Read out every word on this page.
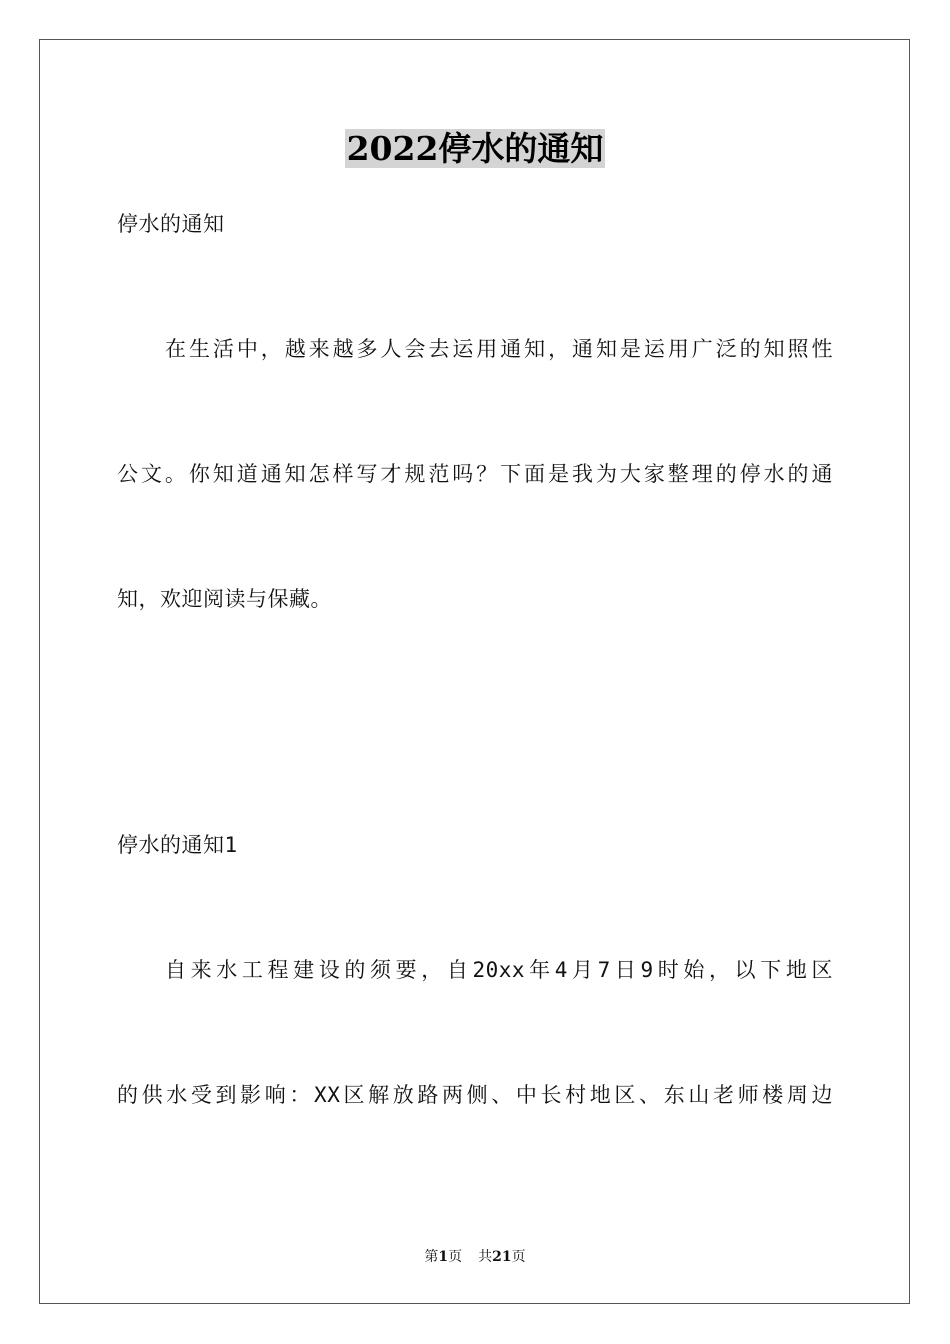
2022停水的通知

停水的通知

在生活中，越来越多人会去运用通知，通知是运用广泛的知照性

公文。你知道通知怎样写才规范吗？下面是我为大家整理的停水的通

知，欢迎阅读与保藏。

停水的通知1

自来水工程建设的须要，自20xx年4月7日9时始，以下地区

的供水受到影响：XX区解放路两侧、中长村地区、东山老师楼周边

第1页 共21页
